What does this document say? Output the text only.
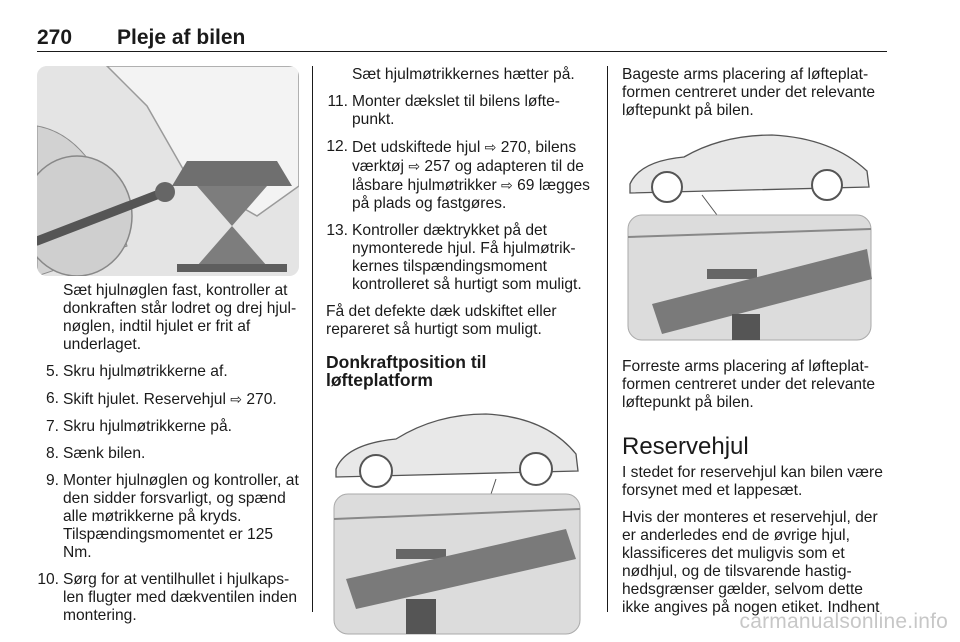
270 Pleje af bilen

Sæt hjulnøglen fast, kontroller at donkraften står lodret og drej hjulnøglen, indtil hjulet er frit af underlaget.

5. Skru hjulmøtrikkerne af.
6. Skift hjulet. Reservehjul ⇨ 270.
7. Skru hjulmøtrikkerne på.
8. Sænk bilen.
9. Monter hjulnøglen og kontroller, at den sidder forsvarligt, og spænd alle møtrikkerne på kryds. Tilspændingsmomentet er 125 Nm.
10. Sørg for at ventilhullet i hjulkapslen flugter med dækventilen inden montering.

Sæt hjulmøtrikkernes hætter på.

11. Monter dækslet til bilens løftepunkt.
12. Det udskiftede hjul ⇨ 270, bilens værktøj ⇨ 257 og adapteren til de låsbare hjulmøtrikker ⇨ 69 lægges på plads og fastgøres.
13. Kontroller dæktrykket på det nymonterede hjul. Få hjulmøtrikkernes tilspændingsmoment kontrolleret så hurtigt som muligt.

Få det defekte dæk udskiftet eller repareret så hurtigt som muligt.

Donkraftposition til løfteplatform

Bageste arms placering af løfteplatformen centreret under det relevante løftepunkt på bilen.

Forreste arms placering af løfteplatformen centreret under det relevante løftepunkt på bilen.

Reservehjul

I stedet for reservehjul kan bilen være forsynet med et lappesæt.

Hvis der monteres et reservehjul, der er anderledes end de øvrige hjul, klassificeres det muligvis som et nødhjul, og de tilsvarende hastighedsgrænser gælder, selvom dette ikke angives på nogen etiket. Indhent

carmanualsonline.info
